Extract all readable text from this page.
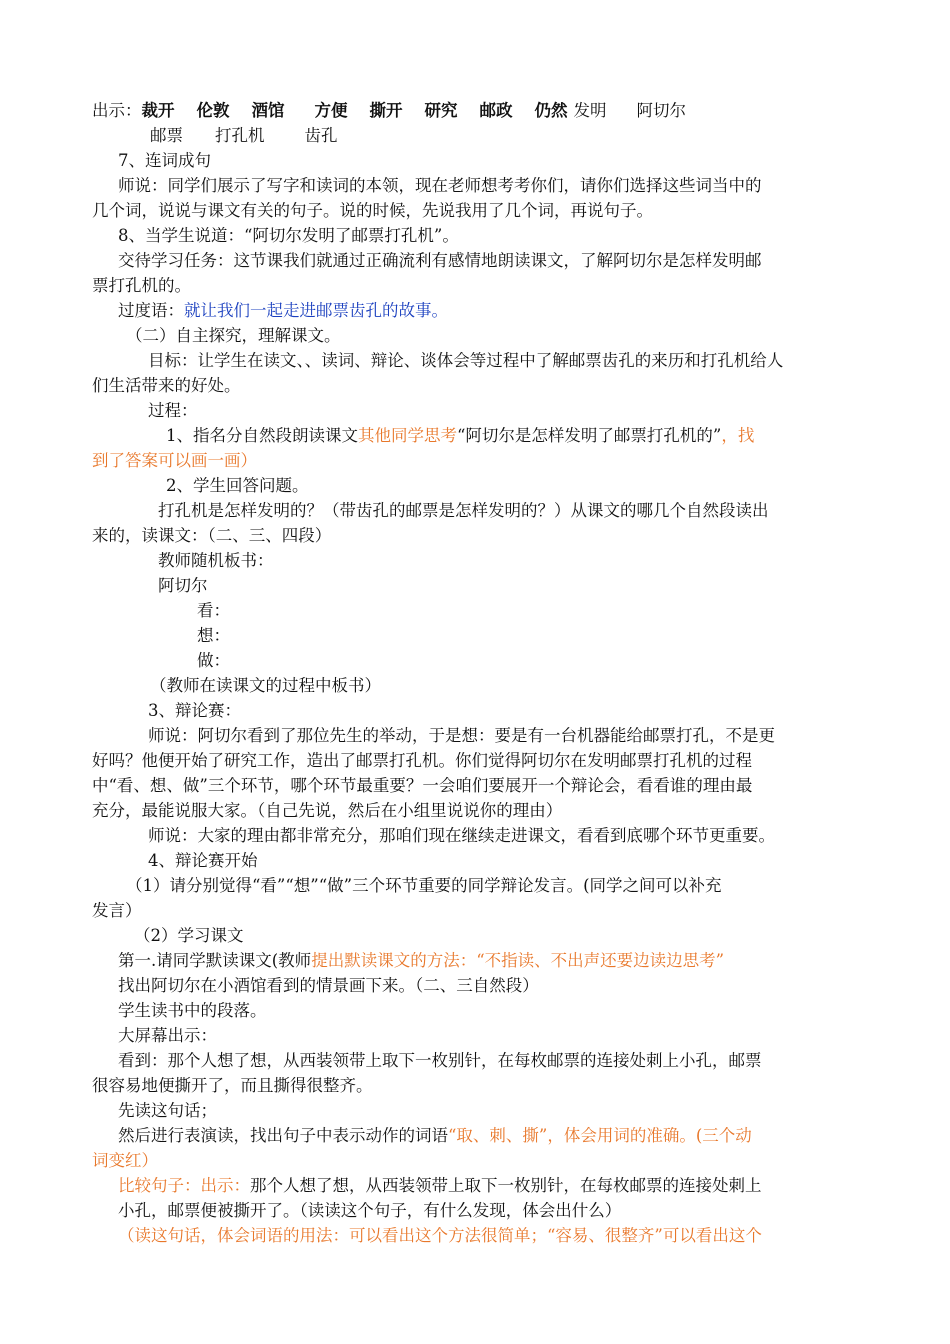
出示：裁开 伦敦 酒馆 方便 撕开 研究 邮政 仍然 发明 阿切尔
邮票 打孔机 齿孔
7、连词成句
师说：同学们展示了写字和读词的本领，现在老师想考考你们，请你们选择这些词当中的
几个词，说说与课文有关的句子。说的时候，先说我用了几个词，再说句子。
8、当学生说道：“阿切尔发明了邮票打孔机”。
交待学习任务：这节课我们就通过正确流利有感情地朗读课文，了解阿切尔是怎样发明邮
票打孔机的。
过度语：就让我们一起走进邮票齿孔的故事。
（二）自主探究，理解课文。
目标：让学生在读文、、读词、辩论、谈体会等过程中了解邮票齿孔的来历和打孔机给人
们生活带来的好处。
过程：
1、指名分自然段朗读课文其他同学思考“阿切尔是怎样发明了邮票打孔机的”，找
到了答案可以画一画）
2、学生回答问题。
打孔机是怎样发明的？（带齿孔的邮票是怎样发明的？）从课文的哪几个自然段读出
来的，读课文：（二、三、四段）
教师随机板书：
阿切尔
看：
想：
做：
（教师在读课文的过程中板书）
3、辩论赛：
师说：阿切尔看到了那位先生的举动，于是想：要是有一台机器能给邮票打孔，不是更
好吗？他便开始了研究工作，造出了邮票打孔机。你们觉得阿切尔在发明邮票打孔机的过程
中“看、想、做”三个环节，哪个环节最重要？一会咱们要展开一个辩论会，看看谁的理由最
充分，最能说服大家。（自己先说，然后在小组里说说你的理由）
师说：大家的理由都非常充分，那咱们现在继续走进课文，看看到底哪个环节更重要。
4、辩论赛开始
（1）请分别觉得“看”“想”“做”三个环节重要的同学辩论发言。(同学之间可以补充
发言）
（2）学习课文
第一.请同学默读课文(教师提出默读课文的方法：“不指读、不出声还要边读边思考”
找出阿切尔在小酒馆看到的情景画下来。（二、三自然段）
学生读书中的段落。
大屏幕出示：
看到：那个人想了想，从西装领带上取下一枚别针，在每枚邮票的连接处刺上小孔，邮票
很容易地便撕开了，而且撕得很整齐。
先读这句话；
然后进行表演读，找出句子中表示动作的词语“取、刺、撕”，体会用词的准确。(三个动
词变红）
比较句子：出示：那个人想了想，从西装领带上取下一枚别针，在每枚邮票的连接处刺上
小孔，邮票便被撕开了。（读读这个句子，有什么发现，体会出什么）
（读这句话，体会词语的用法：可以看出这个方法很简单；“容易、很整齐”可以看出这个
